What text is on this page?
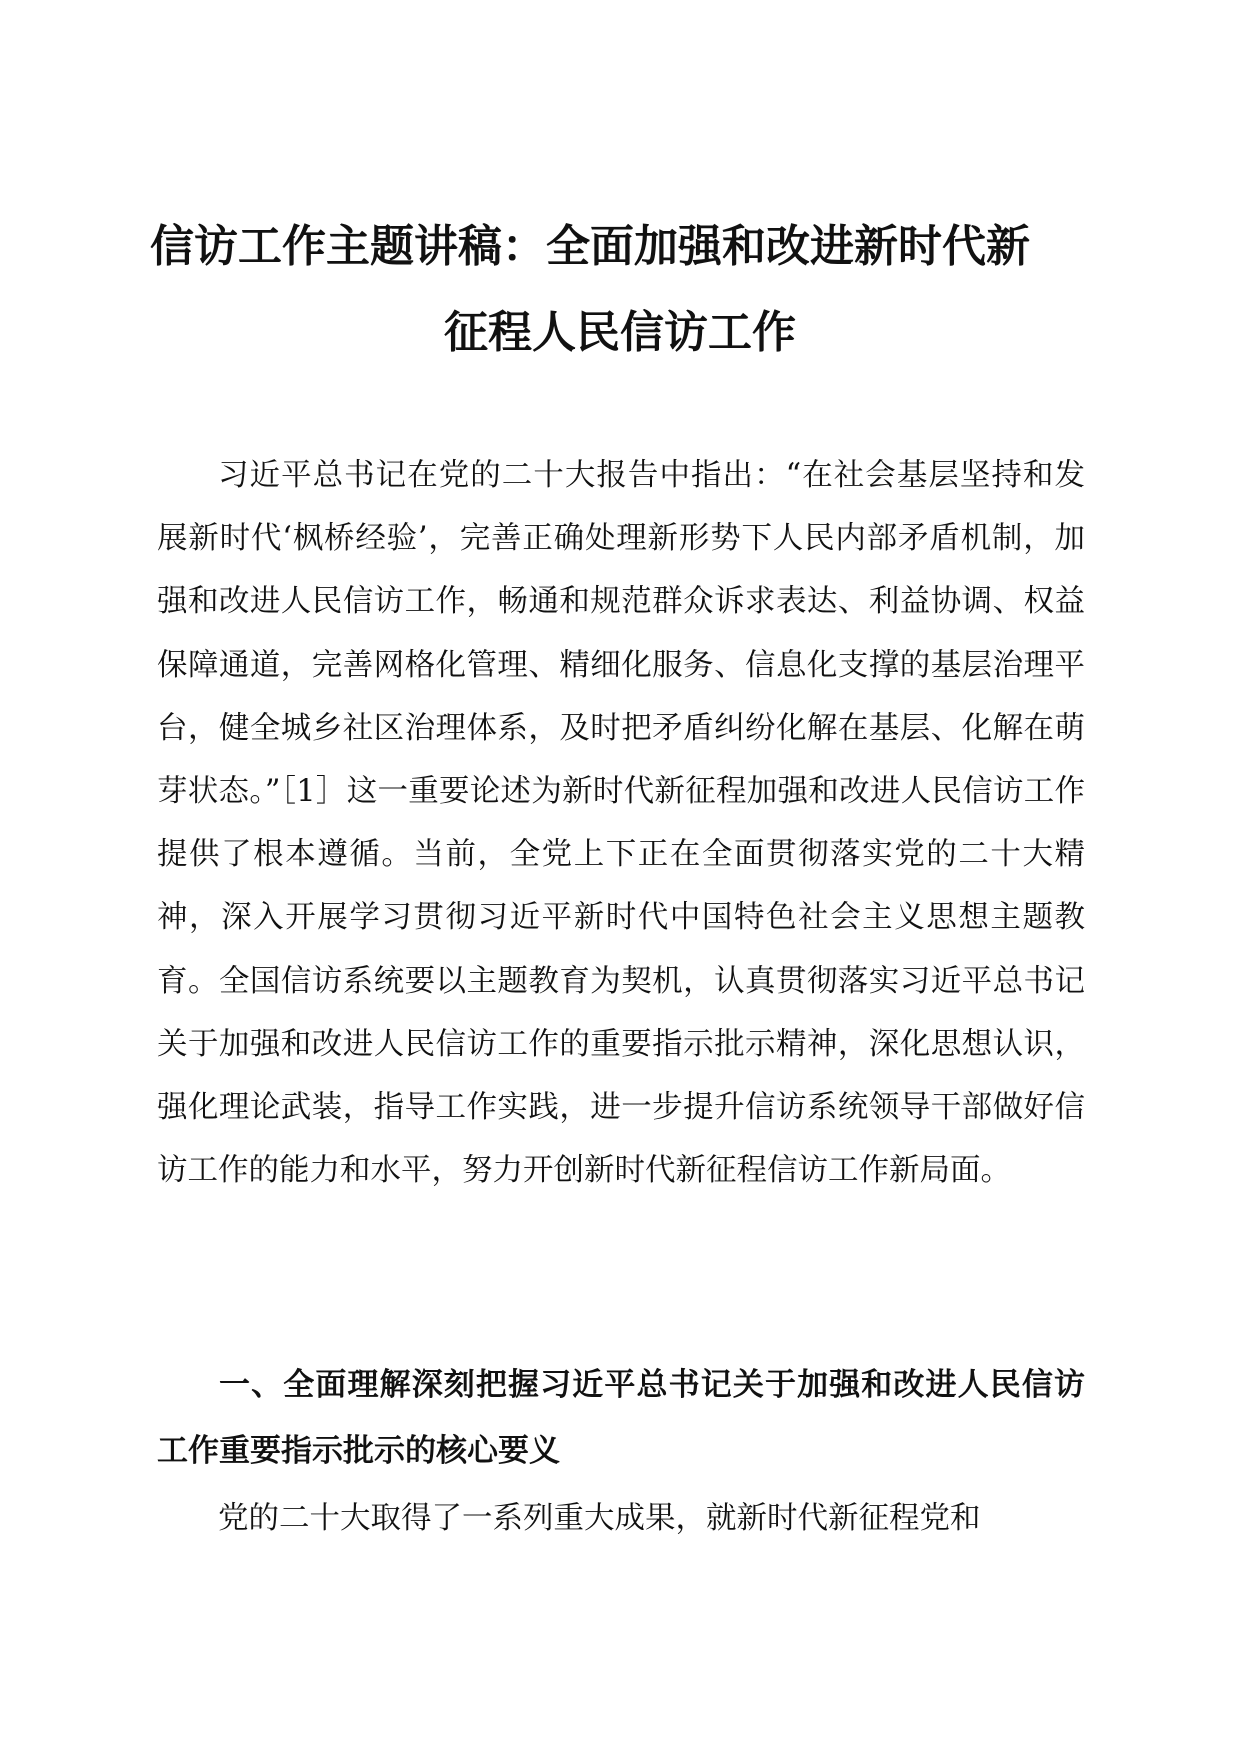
信访工作主题讲稿：全面加强和改进新时代新
征程人民信访工作

习近平总书记在党的二十大报告中指出：“在社会基层坚持和发展新时代‘枫桥经验’，完善正确处理新形势下人民内部矛盾机制，加强和改进人民信访工作，畅通和规范群众诉求表达、利益协调、权益保障通道，完善网格化管理、精细化服务、信息化支撑的基层治理平台，健全城乡社区治理体系，及时把矛盾纠纷化解在基层、化解在萌芽状态。”［1］这一重要论述为新时代新征程加强和改进人民信访工作提供了根本遵循。当前，全党上下正在全面贯彻落实党的二十大精神，深入开展学习贯彻习近平新时代中国特色社会主义思想主题教育。全国信访系统要以主题教育为契机，认真贯彻落实习近平总书记关于加强和改进人民信访工作的重要指示批示精神，深化思想认识，强化理论武装，指导工作实践，进一步提升信访系统领导干部做好信访工作的能力和水平，努力开创新时代新征程信访工作新局面。

一、全面理解深刻把握习近平总书记关于加强和改进人民信访工作重要指示批示的核心要义

党的二十大取得了一系列重大成果，就新时代新征程党和
